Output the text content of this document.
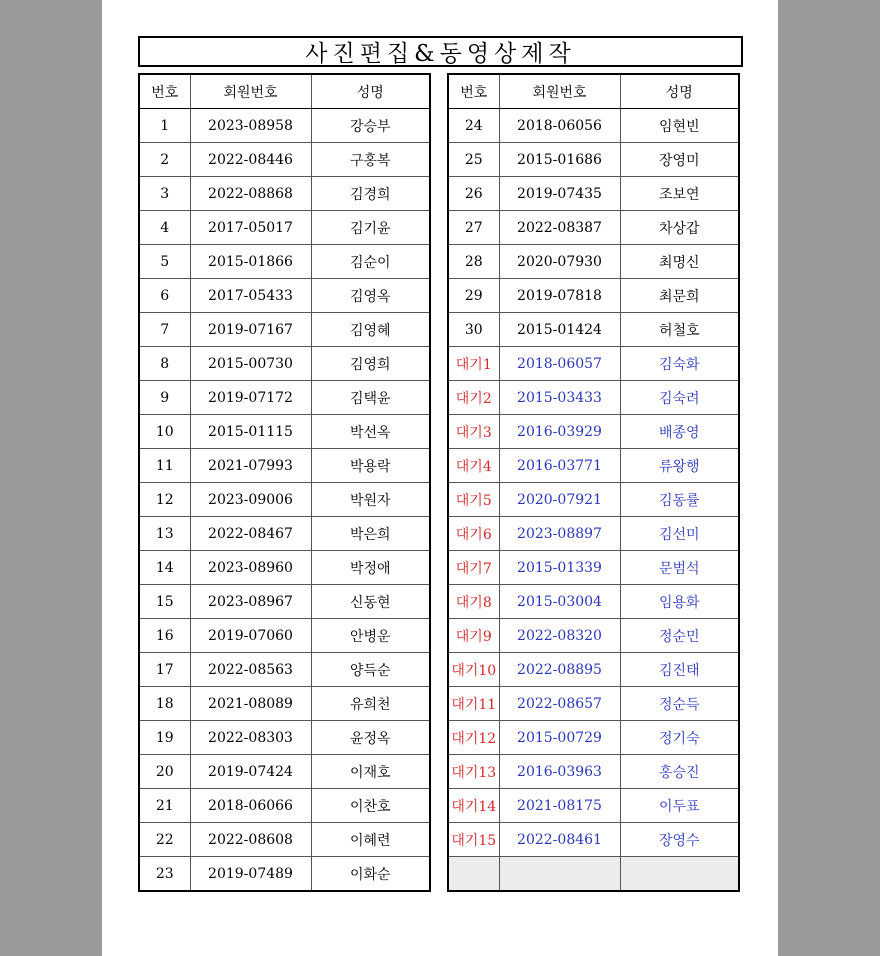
사진편집&동영상제작
번호	회원번호	성명
1	2023-08958	강승부
2	2022-08446	구홍복
3	2022-08868	김경희
4	2017-05017	김기윤
5	2015-01866	김순이
6	2017-05433	김영옥
7	2019-07167	김영혜
8	2015-00730	김영희
9	2019-07172	김택윤
10	2015-01115	박선옥
11	2021-07993	박용락
12	2023-09006	박원자
13	2022-08467	박은희
14	2023-08960	박정애
15	2023-08967	신동현
16	2019-07060	안병운
17	2022-08563	양득순
18	2021-08089	유희천
19	2022-08303	윤정옥
20	2019-07424	이재호
21	2018-06066	이찬호
22	2022-08608	이혜련
23	2019-07489	이화순
번호	회원번호	성명
24	2018-06056	임현빈
25	2015-01686	장영미
26	2019-07435	조보연
27	2022-08387	차상갑
28	2020-07930	최명신
29	2019-07818	최문희
30	2015-01424	허철호
대기1	2018-06057	김숙화
대기2	2015-03433	김숙려
대기3	2016-03929	배종영
대기4	2016-03771	류왕행
대기5	2020-07921	김동률
대기6	2023-08897	김선미
대기7	2015-01339	문범석
대기8	2015-03004	임용화
대기9	2022-08320	정순민
대기10	2022-08895	김진태
대기11	2022-08657	정순득
대기12	2015-00729	정기숙
대기13	2016-03963	홍승진
대기14	2021-08175	이두표
대기15	2022-08461	장영수
